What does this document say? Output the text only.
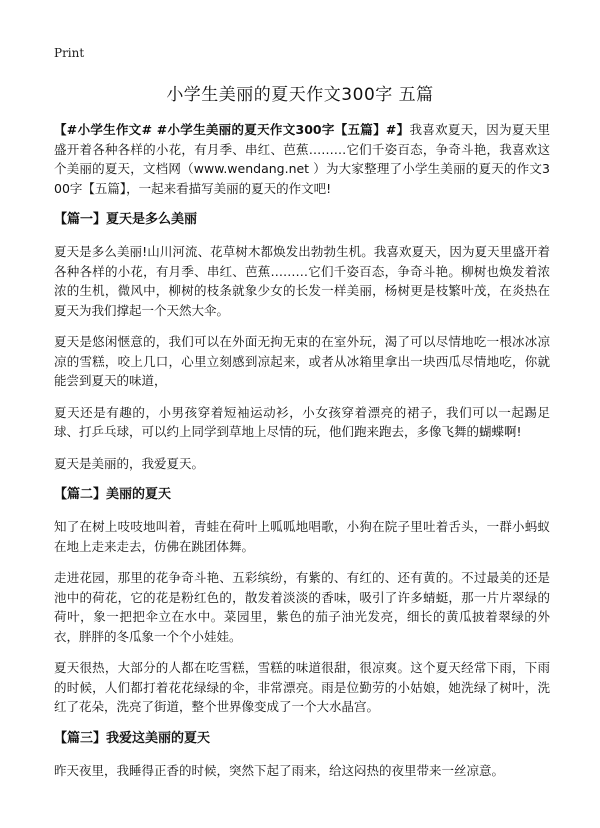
Print
小学生美丽的夏天作文300字 五篇

【#小学生作文# #小学生美丽的夏天作文300字【五篇】#】我喜欢夏天，因为夏天里盛开着各种各样的小花，有月季、串红、芭蕉………它们千姿百态，争奇斗艳，我喜欢这个美丽的夏天，文档网（www.wendang.net ）为大家整理了小学生美丽的夏天的作文300字【五篇】，一起来看描写美丽的夏天的作文吧!

【篇一】夏天是多么美丽

夏天是多么美丽!山川河流、花草树木都焕发出勃勃生机。我喜欢夏天，因为夏天里盛开着各种各样的小花，有月季、串红、芭蕉………它们千姿百态，争奇斗艳。柳树也焕发着浓浓的生机，微风中，柳树的枝条就象少女的长发一样美丽，杨树更是枝繁叶茂，在炎热在夏天为我们撑起一个天然大伞。

夏天是悠闲惬意的，我们可以在外面无拘无束的在室外玩，渴了可以尽情地吃一根冰冰凉凉的雪糕，咬上几口，心里立刻感到凉起来，或者从冰箱里拿出一块西瓜尽情地吃，你就能尝到夏天的味道，

夏天还是有趣的，小男孩穿着短袖运动衫，小女孩穿着漂亮的裙子，我们可以一起踢足球、打乒乓球，可以约上同学到草地上尽情的玩，他们跑来跑去，多像飞舞的蝴蝶啊!

夏天是美丽的，我爱夏天。

【篇二】美丽的夏天

知了在树上吱吱地叫着，青蛙在荷叶上呱呱地唱歌，小狗在院子里吐着舌头，一群小蚂蚁在地上走来走去，仿佛在跳团体舞。

走进花园，那里的花争奇斗艳、五彩缤纷，有紫的、有红的、还有黄的。不过最美的还是池中的荷花，它的花是粉红色的，散发着淡淡的香味，吸引了许多蜻蜓，那一片片翠绿的荷叶，象一把把伞立在水中。菜园里，紫色的茄子油光发亮，细长的黄瓜披着翠绿的外衣，胖胖的冬瓜象一个个小娃娃。

夏天很热，大部分的人都在吃雪糕，雪糕的味道很甜，很凉爽。这个夏天经常下雨，下雨的时候，人们都打着花花绿绿的伞，非常漂亮。雨是位勤劳的小姑娘，她洗绿了树叶，洗红了花朵，洗亮了街道，整个世界像变成了一个大水晶宫。

【篇三】我爱这美丽的夏天

昨天夜里，我睡得正香的时候，突然下起了雨来，给这闷热的夜里带来一丝凉意。
